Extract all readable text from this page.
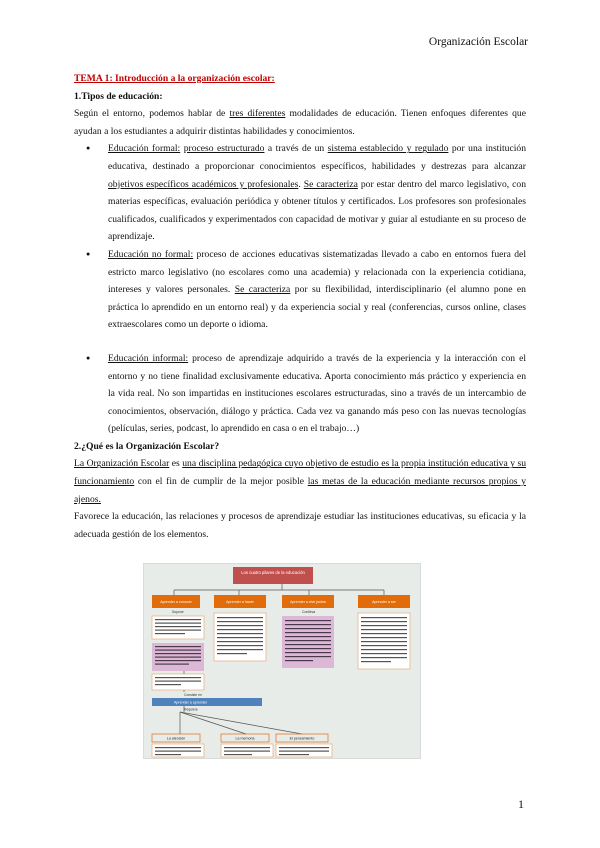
Organización Escolar

TEMA 1: Introducción a la organización escolar:

1.Tipos de educación:

Según el entorno, podemos hablar de tres diferentes modalidades de educación. Tienen enfoques diferentes que ayudan a los estudiantes a adquirir distintas habilidades y conocimientos.

● Educación formal: proceso estructurado a través de un sistema establecido y regulado por una institución educativa, destinado a proporcionar conocimientos específicos, habilidades y destrezas para alcanzar objetivos específicos académicos y profesionales. Se caracteriza por estar dentro del marco legislativo, con materias específicas, evaluación periódica y obtener títulos y certificados. Los profesores son profesionales cualificados, cualificados y experimentados con capacidad de motivar y guiar al estudiante en su proceso de aprendizaje.
● Educación no formal: proceso de acciones educativas sistematizadas llevado a cabo en entornos fuera del estricto marco legislativo (no escolares como una academia) y relacionada con la experiencia cotidiana, intereses y valores personales. Se caracteriza por su flexibilidad, interdisciplinario (el alumno pone en práctica lo aprendido en un entorno real) y da experiencia social y real (conferencias, cursos online, clases extraescolares como un deporte o idioma.
● Educación informal: proceso de aprendizaje adquirido a través de la experiencia y la interacción con el entorno y no tiene finalidad exclusivamente educativa. Aporta conocimiento más práctico y experiencia en la vida real. No son impartidas en instituciones escolares estructuradas, sino a través de un intercambio de conocimientos, observación, diálogo y práctica. Cada vez va ganando más peso con las nuevas tecnologías (películas, series, podcast, lo aprendido en casa o en el trabajo…)

2.¿Qué es la Organización Escolar?

La Organización Escolar es una disciplina pedagógica cuyo objetivo de estudio es la propia institución educativa y su funcionamiento con el fin de cumplir de la mejor posible las metas de la educación mediante recursos propios y ajenos.

Favorece la educación, las relaciones y procesos de aprendizaje estudiar las instituciones educativas, su eficacia y la adecuada gestión de los elementos.

Los cuatro pilares de la educación
Aprender a conocer	Aprender a hacer	Aprender a vivir juntos	Aprender a ser
Supone	Conlleva
Consiste en
Aprender a aprender
Requiere
La atención	La memoria	El pensamiento
1
